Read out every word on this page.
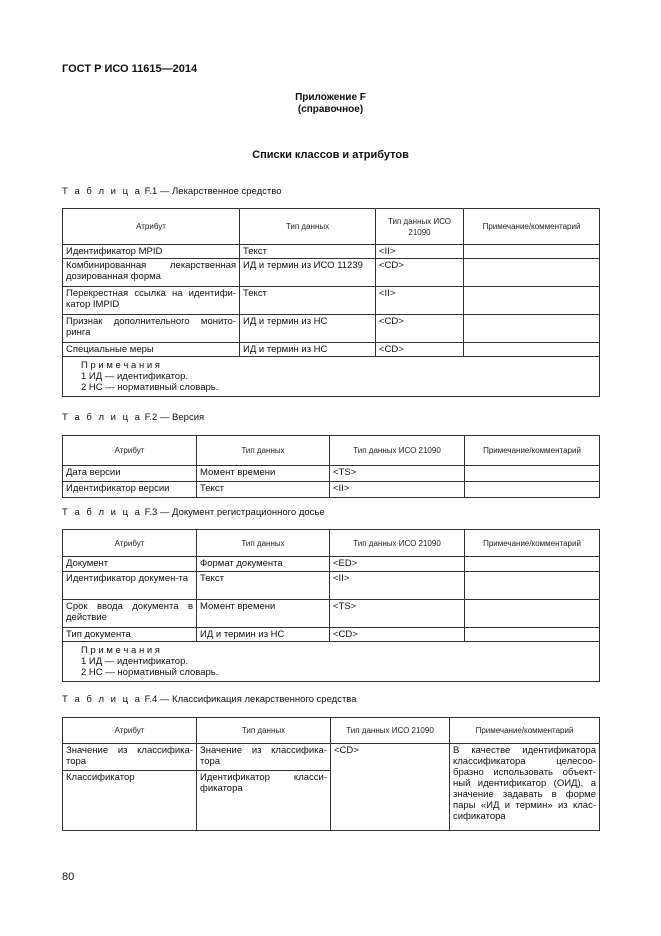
ГОСТ Р ИСО 11615—2014
Приложение F
(справочное)
Списки классов и атрибутов
Т а б л и ц а F.1 — Лекарственное средство
Атрибут	Тип данных	Тип данных ИСО 21090	Примечание/комментарий
Идентификатор MPID	Текст	<II>	
Комбинированная лекарственная дозированная форма	ИД и термин из ИСО 11239	<CD>	
Перекрестная ссылка на идентифи-катор IMPID	Текст	<II>	
Признак дополнительного монито-ринга	ИД и термин из НС	<CD>	
Специальные меры	ИД и термин из НС	<CD>	

П р и м е ч а н и я
1 ИД — идентификатор.
2 НС — нормативный словарь.			
Т а б л и ц а F.2 — Версия
Атрибут	Тип данных	Тип данных ИСО 21090	Примечание/комментарий
Дата версии	Момент времени	<TS>	
Идентификатор версии	Текст	<II>	
Т а б л и ц а F.3 — Документ регистрационного досье
Атрибут	Тип данных	Тип данных ИСО 21090	Примечание/комментарий
Документ	Формат документа	<ED>	
Идентификатор докумен-та	Текст	<II>	
Срок ввода документа в действие	Момент времени	<TS>	
Тип документа	ИД и термин из НС	<CD>	

П р и м е ч а н и я
1 ИД — идентификатор.
2 НС — нормативный словарь.			
Т а б л и ц а F.4 — Классификация лекарственного средства
Атрибут	Тип данных	Тип данных ИСО 21090	Примечание/комментарий
Значение из классифика-тора	Значение из классифика-тора	<CD>	В качестве идентификатора классификатора целесоо-бразно использовать объект-ный идентификатор (ОИД), а значение задавать в форме пары «ИД и термин» из клас-сификатора
Классификатор	Идентификатор класси-фикатора		
80
